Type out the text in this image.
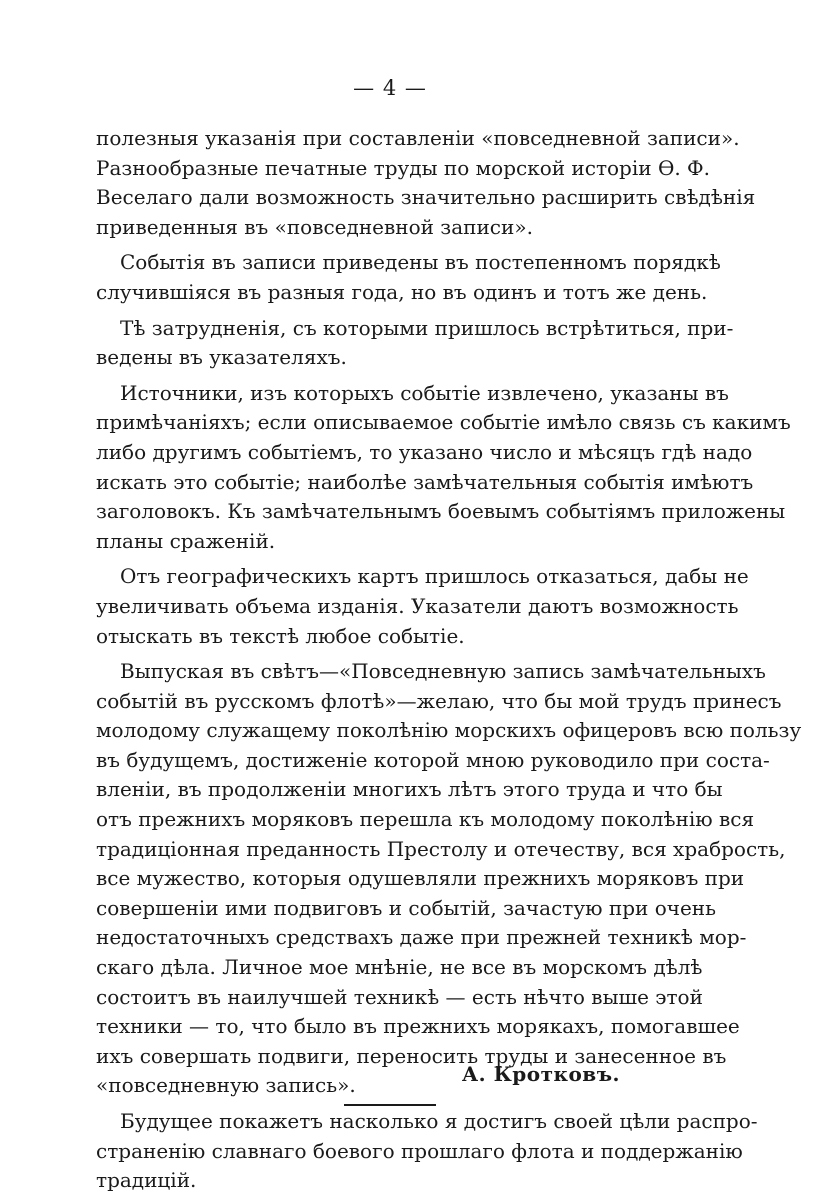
— 4 —
полезныя указанія при составленіи «повседневной записи».
Разнообразные печатные труды по морской исторіи Ѳ. Ф.
Веселаго дали возможность значительно расширить свѣдѣнія
приведенныя въ «повседневной записи».
Событія въ записи приведены въ постепенномъ порядкѣ
случившіяся въ разныя года, но въ одинъ и тотъ же день.
Тѣ затрудненія, съ которыми пришлось встрѣтиться, при-
ведены въ указателяхъ.
Источники, изъ которыхъ событіе извлечено, указаны въ
примѣчаніяхъ; если описываемое событіе имѣло связь съ какимъ
либо другимъ событіемъ, то указано число и мѣсяцъ гдѣ надо
искать это событіе; наиболѣе замѣчательныя событія имѣютъ
заголовокъ. Къ замѣчательнымъ боевымъ событіямъ приложены
планы сраженій.
Отъ географическихъ картъ пришлось отказаться, дабы не
увеличивать объема изданія. Указатели даютъ возможность
отыскать въ текстѣ любое событіе.
Выпуская въ свѣтъ—«Повседневную запись замѣчательныхъ
событій въ русскомъ флотѣ»—желаю, что бы мой трудъ принесъ
молодому служащему поколѣнію морскихъ офицеровъ всю пользу
въ будущемъ, достиженіе которой мною руководило при соста-
вленіи, въ продолженіи многихъ лѣтъ этого труда и что бы
отъ прежнихъ моряковъ перешла къ молодому поколѣнію вся
традиціонная преданность Престолу и отечеству, вся храбрость,
все мужество, которыя одушевляли прежнихъ моряковъ при
совершеніи ими подвиговъ и событій, зачастую при очень
недостаточныхъ средствахъ даже при прежней техникѣ мор-
скаго дѣла. Личное мое мнѣніе, не все въ морскомъ дѣлѣ
состоитъ въ наилучшей техникѣ — есть нѣчто выше этой
техники — то, что было въ прежнихъ морякахъ, помогавшее
ихъ совершать подвиги, переносить труды и занесенное въ
«повседневную запись».
Будущее покажетъ насколько я достигъ своей цѣли распро-
страненію славнаго боевого прошлаго флота и поддержанію
традицій.
А. Кротковъ.
